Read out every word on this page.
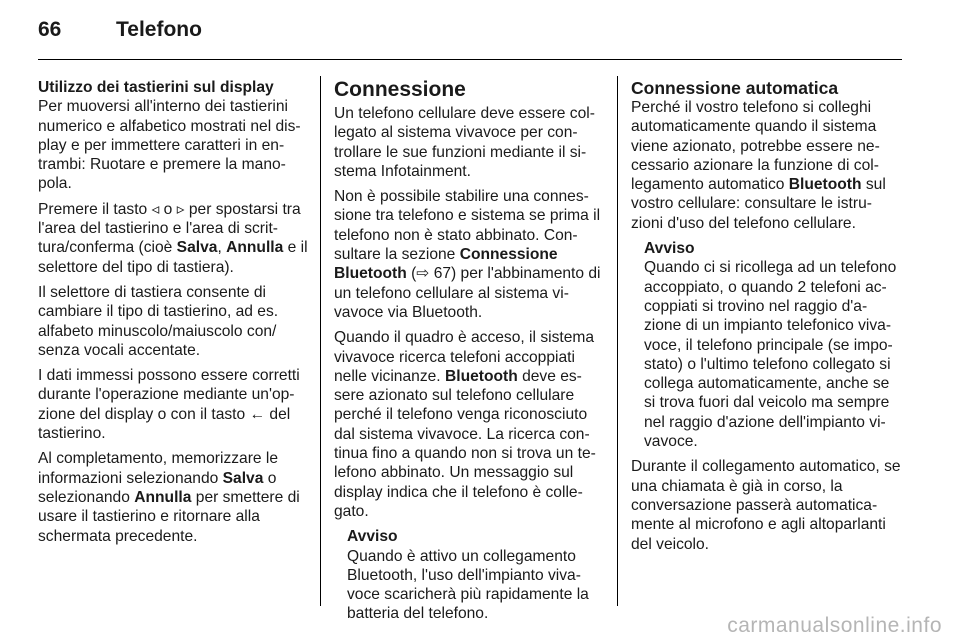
66	Telefono

Utilizzo dei tastierini sul display

Per muoversi all'interno dei tastierini numerico e alfabetico mostrati nel dis-play e per immettere caratteri in en-trambi: Ruotare e premere la mano-pola.

Premere il tasto ◃ o ▹ per spostarsi tra l'area del tastierino e l'area di scrit-tura/conferma (cioè Salva, Annulla e il selettore del tipo di tastiera).

Il selettore di tastiera consente di cambiare il tipo di tastierino, ad es. alfabeto minuscolo/maiuscolo con/ senza vocali accentate.

I dati immessi possono essere corretti durante l'operazione mediante un'op-zione del display o con il tasto ← del tastierino.

Al completamento, memorizzare le informazioni selezionando Salva o selezionando Annulla per smettere di usare il tastierino e ritornare alla schermata precedente.

Connessione

Un telefono cellulare deve essere col-legato al sistema vivavoce per con-trollare le sue funzioni mediante il si-stema Infotainment.

Non è possibile stabilire una connes-sione tra telefono e sistema se prima il telefono non è stato abbinato. Con-sultare la sezione Connessione Bluetooth (⇨ 67) per l'abbinamento di un telefono cellulare al sistema vi-vavoce via Bluetooth.

Quando il quadro è acceso, il sistema vivavoce ricerca telefoni accoppiati nelle vicinanze. Bluetooth deve es-sere azionato sul telefono cellulare perché il telefono venga riconosciuto dal sistema vivavoce. La ricerca con-tinua fino a quando non si trova un te-lefono abbinato. Un messaggio sul display indica che il telefono è colle-gato.

Avviso
Quando è attivo un collegamento Bluetooth, l'uso dell'impianto viva-voce scaricherà più rapidamente la batteria del telefono.
Connessione automatica

Perché il vostro telefono si colleghi automaticamente quando il sistema viene azionato, potrebbe essere ne-cessario azionare la funzione di col-legamento automatico Bluetooth sul vostro cellulare: consultare le istru-zioni d'uso del telefono cellulare.

Avviso
Quando ci si ricollega ad un telefono accoppiato, o quando 2 telefoni ac-coppiati si trovino nel raggio d'a-zione di un impianto telefonico viva-voce, il telefono principale (se impo-stato) o l'ultimo telefono collegato si collega automaticamente, anche se si trova fuori dal veicolo ma sempre nel raggio d'azione dell'impianto vi-vavoce.

Durante il collegamento automatico, se una chiamata è già in corso, la conversazione passerà automatica-mente al microfono e agli altoparlanti del veicolo.

carmanualsonline.info
